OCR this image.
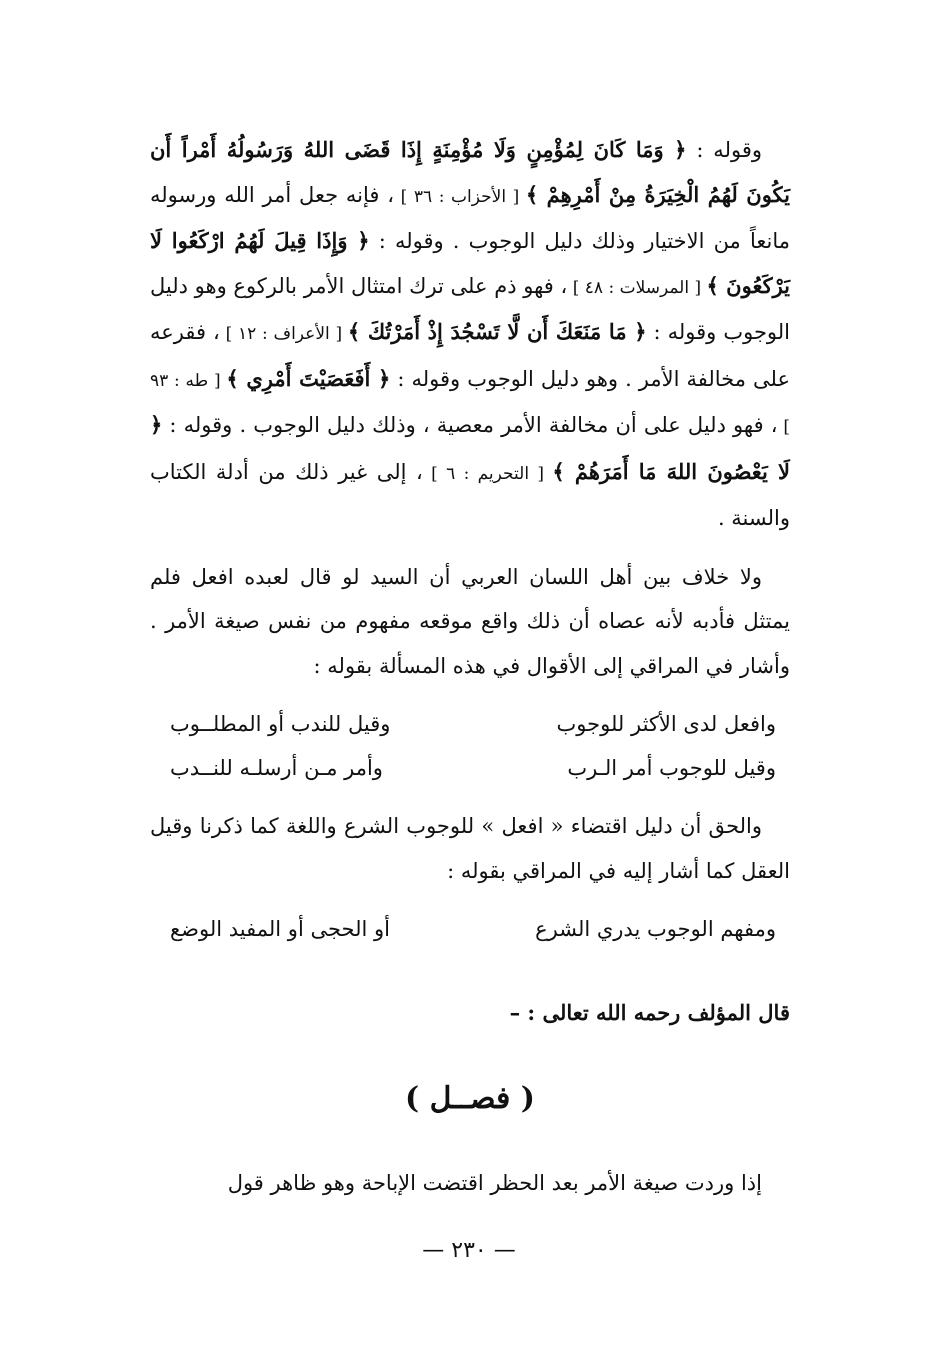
وقوله : ﴿ وَمَا كَانَ لِمُؤْمِنٍ وَلَا مُؤْمِنَةٍ إِذَا قَضَى اللهُ وَرَسُولُهُ أَمْراً أَن يَكُونَ لَهُمُ الْخِيَرَةُ مِنْ أَمْرِهِمْ ﴾ [ الأحزاب : ٣٦ ] ، فإنه جعل أمر الله ورسوله مانعاً من الاختيار وذلك دليل الوجوب . وقوله : ﴿ وَإِذَا قِيلَ لَهُمُ ارْكَعُوا لَا يَرْكَعُونَ ﴾ [ المرسلات : ٤٨ ] ، فهو ذم على ترك امتثال الأمر بالركوع وهو دليل الوجوب وقوله : ﴿ مَا مَنَعَكَ أَن لَّا تَسْجُدَ إِذْ أَمَرْتُكَ ﴾ [ الأعراف : ١٢ ] ، فقرعه على مخالفة الأمر . وهو دليل الوجوب وقوله : ﴿ أَفَعَصَيْتَ أَمْرِي ﴾ [ طه : ٩٣ ] ، فهو دليل على أن مخالفة الأمر معصية ، وذلك دليل الوجوب . وقوله : ﴿ لَا يَعْصُونَ اللهَ مَا أَمَرَهُمْ ﴾ [ التحريم : ٦ ] ، إلى غير ذلك من أدلة الكتاب والسنة .

ولا خلاف بين أهل اللسان العربي أن السيد لو قال لعبده افعل فلم يمتثل فأدبه لأنه عصاه أن ذلك واقع موقعه مفهوم من نفس صيغة الأمر . وأشار في المراقي إلى الأقوال في هذه المسألة بقوله :

وافعل لدى الأكثر للوجوب
وقيل للندب أو المطلــوب
وقيل للوجوب أمر الـرب
وأمر مـن أرسلـه للنــدب

والحق أن دليل اقتضاء « افعل » للوجوب الشرع واللغة كما ذكرنا وقيل العقل كما أشار إليه في المراقي بقوله :

ومفهم الوجوب يدري الشرع
أو الحجى أو المفيد الوضع

قال المؤلف رحمه الله تعالى : –

( فصــل )

إذا وردت صيغة الأمر بعد الحظر اقتضت الإباحة وهو ظاهر قول

— ٢٣٠ —
